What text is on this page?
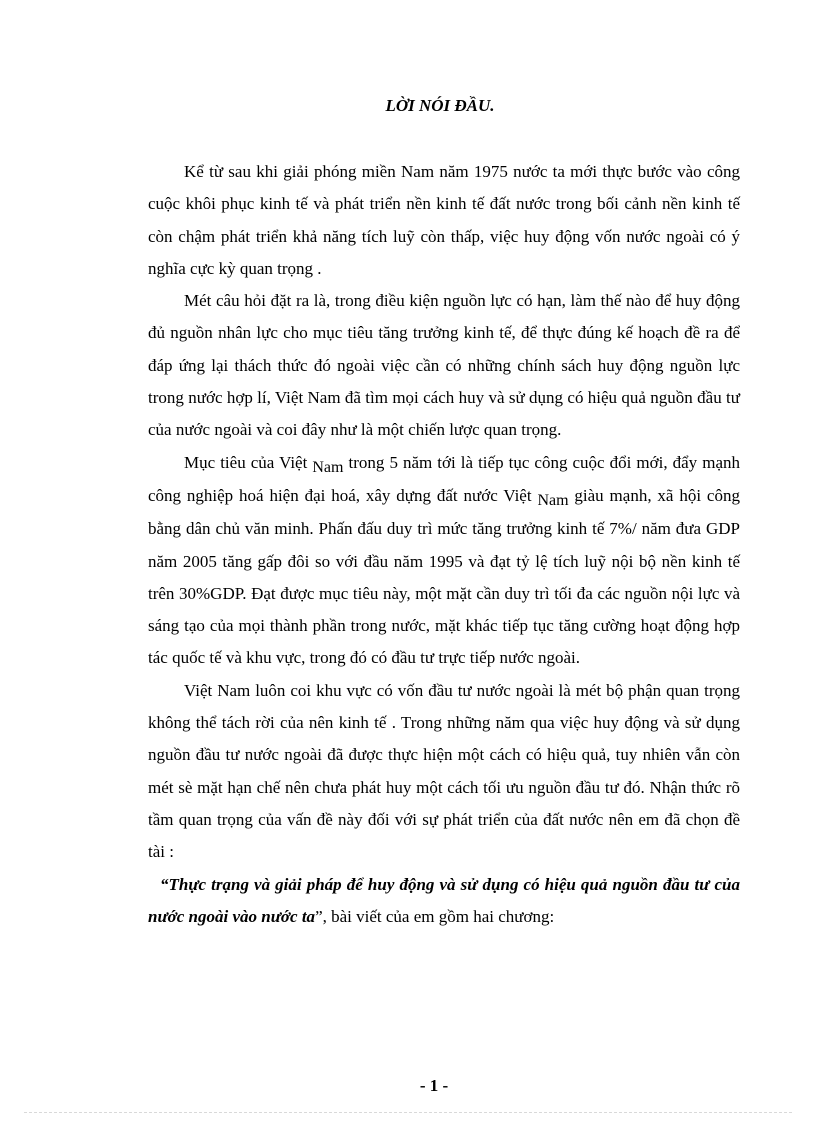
LỜI NÓI ĐẦU.

Kể từ sau khi giải phóng miền Nam năm 1975 nước ta mới thực bước vào công cuộc khôi phục kinh tế và phát triển nền kinh tế đất nước trong bối cảnh nền kinh tế còn chậm phát triển khả năng tích luỹ còn thấp, việc huy động vốn nước ngoài có ý nghĩa cực kỳ quan trọng .

Mét câu hỏi đặt ra là, trong điều kiện nguồn lực có hạn, làm thế nào để huy động đủ nguồn nhân lực cho mục tiêu tăng trưởng kinh tế, để thực đúng kế hoạch đề ra để đáp ứng lại thách thức đó ngoài việc cần có những chính sách huy động nguồn lực trong nước hợp lí, Việt Nam đã tìm mọi cách huy và sử dụng có hiệu quả nguồn đầu tư của nước ngoài và coi đây như là một chiến lược quan trọng.

Mục tiêu của Việt Nam trong 5 năm tới là tiếp tục công cuộc đổi mới, đẩy mạnh công nghiệp hoá hiện đại hoá, xây dựng đất nước Việt Nam giàu mạnh, xã hội công bằng dân chủ văn minh. Phấn đấu duy trì mức tăng trưởng kinh tế 7%/ năm đưa GDP năm 2005 tăng gấp đôi so với đầu năm 1995 và đạt tỷ lệ tích luỹ nội bộ nền kinh tế trên 30%GDP. Đạt được mục tiêu này, một mặt cần duy trì tối đa các nguồn nội lực và sáng tạo của mọi thành phần trong nước, mặt khác tiếp tục tăng cường hoạt động hợp tác quốc tế và khu vực, trong đó có đầu tư trực tiếp nước ngoài.

Việt Nam luôn coi khu vực có vốn đầu tư nước ngoài là mét bộ phận quan trọng không thể tách rời của nên kinh tế . Trong những năm qua việc huy động và sử dụng nguồn đầu tư nước ngoài đã được thực hiện một cách có hiệu quả, tuy nhiên vẫn còn mét sè mặt hạn chế nên chưa phát huy một cách tối ưu nguồn đầu tư đó. Nhận thức rõ tầm quan trọng của vấn đề này đối với sự phát triển của đất nước nên em đã chọn đề tài :

“Thực trạng và giải pháp để huy động và sử dụng có hiệu quả nguồn đầu tư của nước ngoài vào nước ta”, bài viết của em gồm hai chương:

- 1 -
